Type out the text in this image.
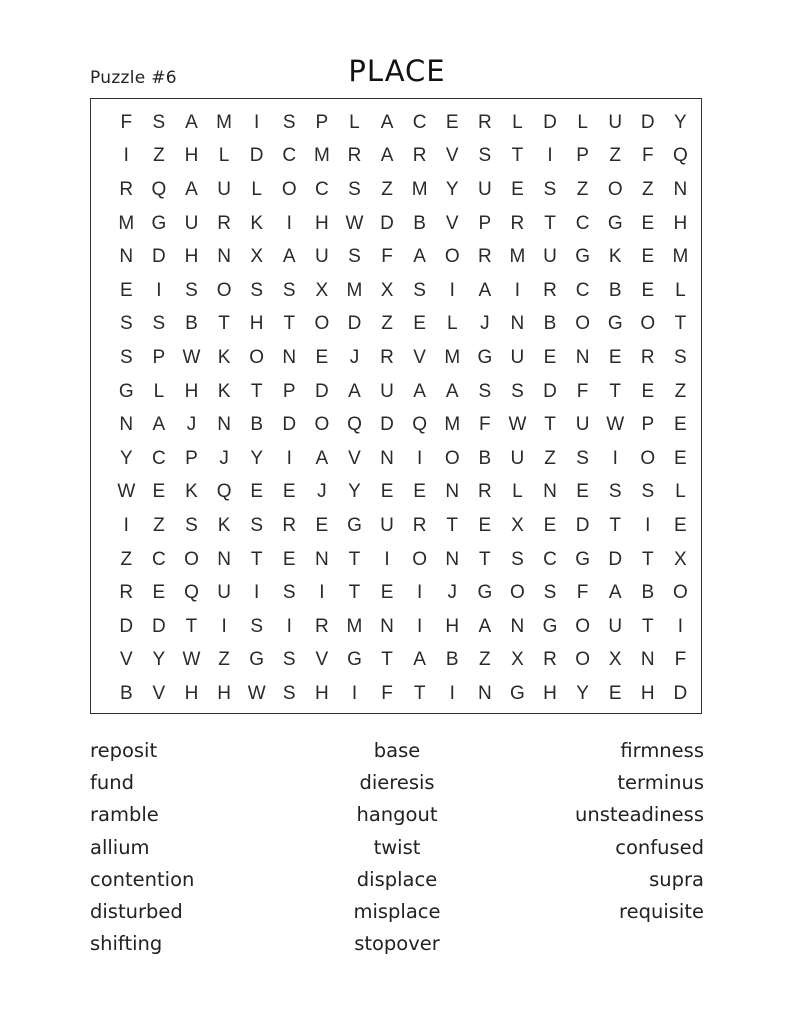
Puzzle #6	PLACE
F	S	A M	I	S	P	L	A	C	E	R	L	D	L	U D	Y
I	Z	H	L	D C M R	A	R	V	S	T	I	P	Z	F	Q
R Q A	U	L	O C	S	Z M Y	U	E	S	Z	O	Z	N
M G U R	K	I	H W D	B	V	P	R	T	C G E	H
N D H N	X	A	U	S	F	A O R M U G K	E M
E	I	S O S	S	X M X	S	I	A	I	R C	B	E	L
S	S	B	T	H	T	O D	Z	E	L	J	N	B O G O	T
S	P W K O N	E	J	R	V M G U	E	N	E	R	S
G	L	H	K	T	P	D	A	U	A	A	S	S	D	F	T	E	Z
N	A	J	N	B	D O Q D Q M F W T	U W P	E
Y	C	P	J	Y	I	A	V	N	I	O B	U	Z	S	I	O E
W E	K Q E	E	J	Y	E	E	N R	L	N	E	S	S	L
I	Z	S	K	S	R	E G U R	T	E	X	E	D	T	I	E
Z	C O N	T	E	N	T	I	O N	T	S	C G D	T	X
R	E Q U	I	S	I	T	E	I	J	G O S	F	A	B O
D D	T	I	S	I	R M N	I	H	A	N G O U	T	I
V	Y W Z	G S	V G	T	A	B	Z	X	R O X	N	F
B	V	H H W S	H	I	F	T	I	N G H	Y	E	H D
reposit
fund
ramble
allium
contention
disturbed
shifting
base
dieresis
hangout
twist
displace
misplace
stopover
firmness
terminus
unsteadiness
confused
supra
requisite
